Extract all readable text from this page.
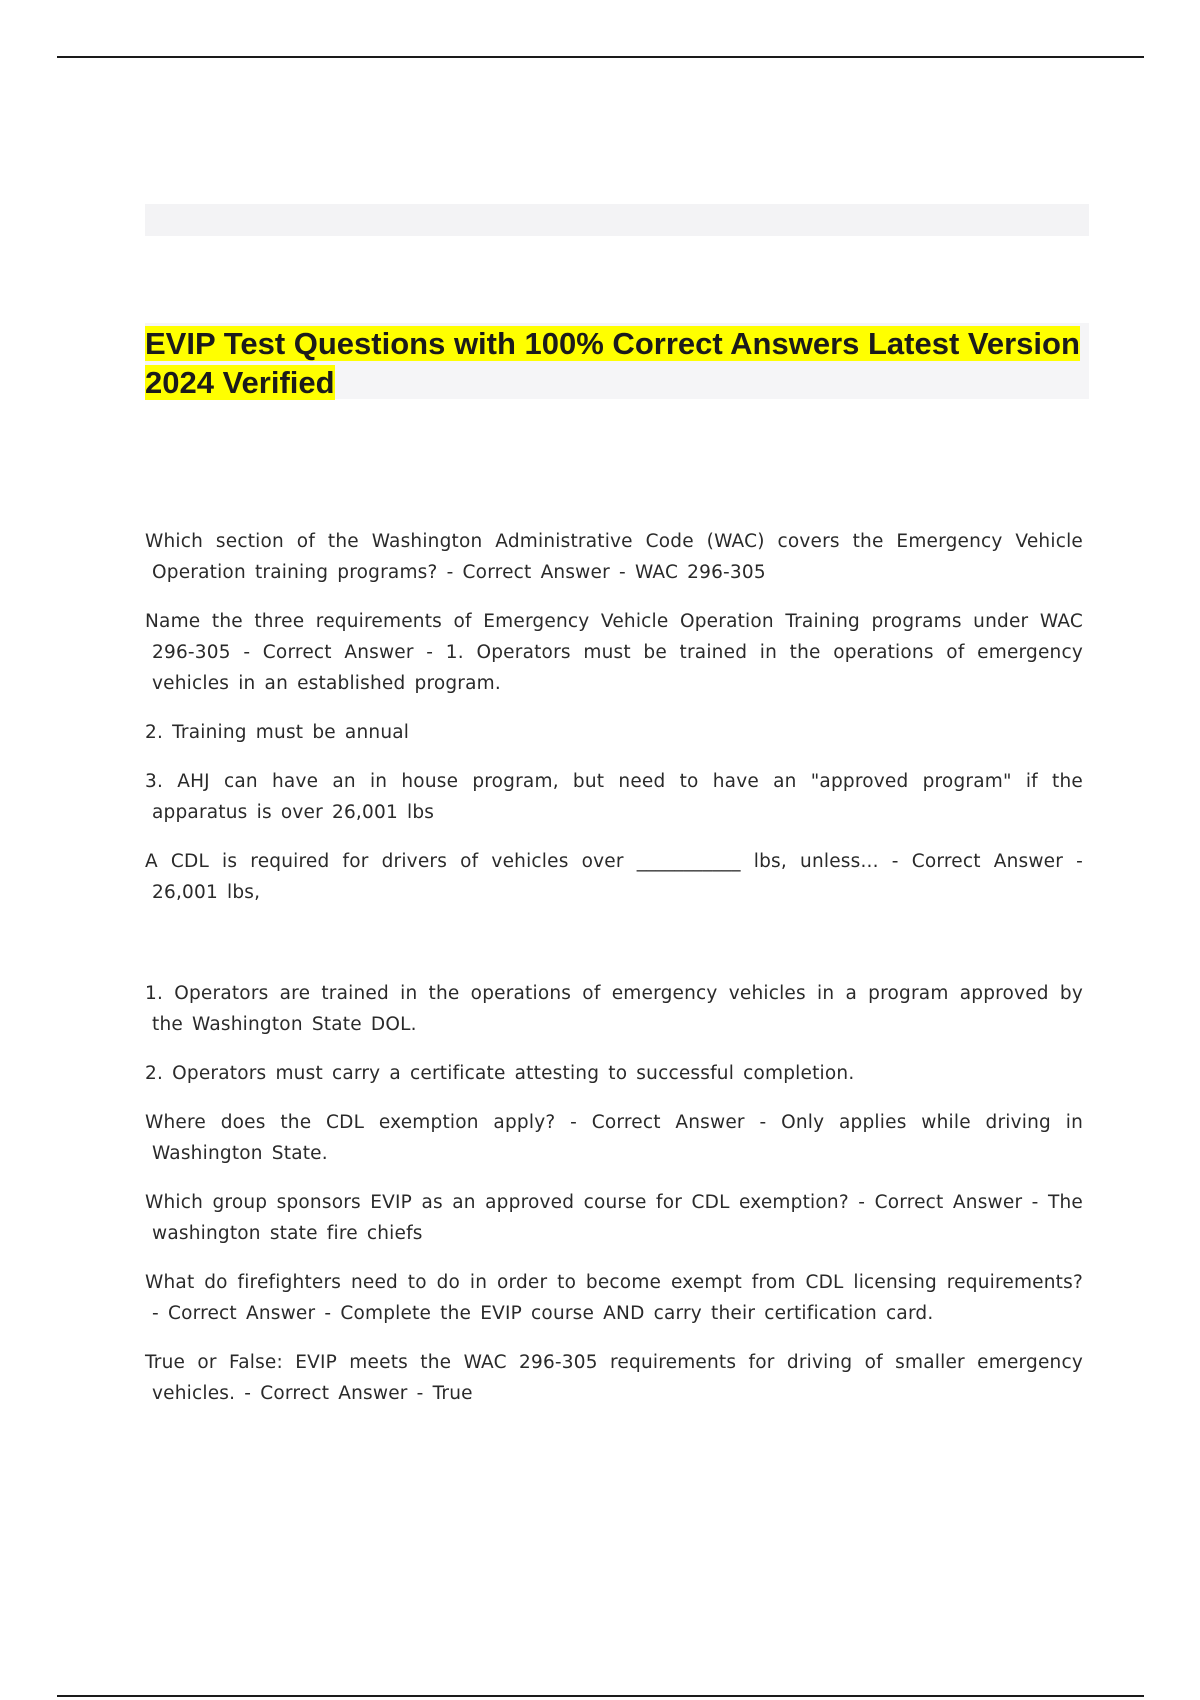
EVIP Test Questions with 100% Correct Answers Latest Version 2024 Verified

Which section of the Washington Administrative Code (WAC) covers the Emergency Vehicle Operation training programs? - Correct Answer - WAC 296-305

Name the three requirements of Emergency Vehicle Operation Training programs under WAC 296-305 - Correct Answer - 1. Operators must be trained in the operations of emergency vehicles in an established program.

2. Training must be annual

3. AHJ can have an in house program, but need to have an "approved program" if the apparatus is over 26,001 lbs

A CDL is required for drivers of vehicles over ___________ lbs, unless... - Correct Answer - 26,001 lbs,

1. Operators are trained in the operations of emergency vehicles in a program approved by the Washington State DOL.

2. Operators must carry a certificate attesting to successful completion.

Where does the CDL exemption apply? - Correct Answer - Only applies while driving in Washington State.

Which group sponsors EVIP as an approved course for CDL exemption? - Correct Answer - The washington state fire chiefs

What do firefighters need to do in order to become exempt from CDL licensing requirements? - Correct Answer - Complete the EVIP course AND carry their certification card.

True or False: EVIP meets the WAC 296-305 requirements for driving of smaller emergency vehicles. - Correct Answer - True
